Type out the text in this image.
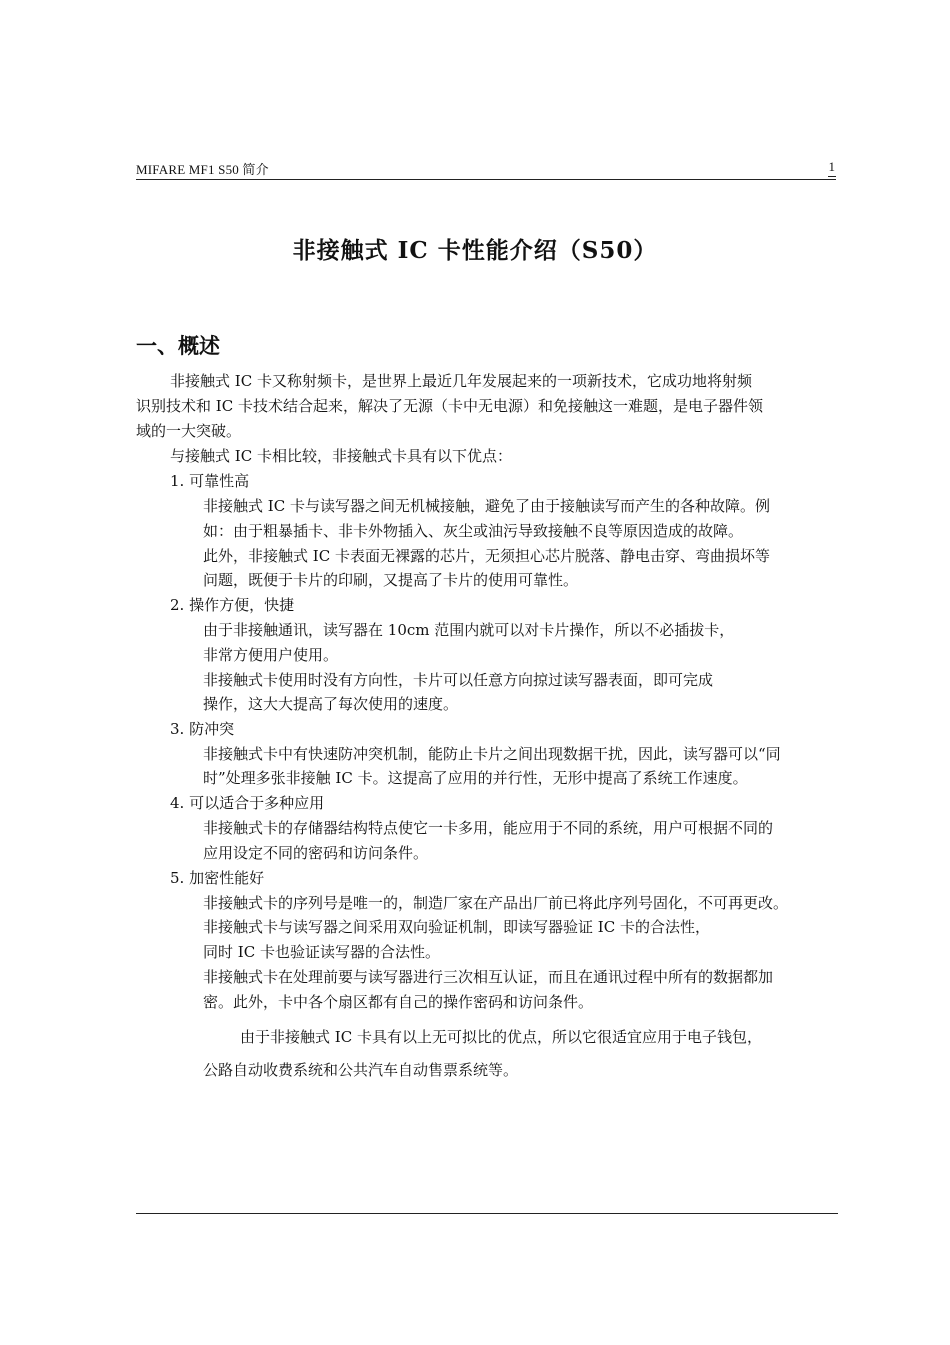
MIFARE MF1 S50 简介	1
非接触式 IC 卡性能介绍（S50）
一、概述
非接触式 IC 卡又称射频卡，是世界上最近几年发展起来的一项新技术，它成功地将射频
识别技术和 IC 卡技术结合起来，解决了无源（卡中无电源）和免接触这一难题，是电子器件领
域的一大突破。
与接触式 IC 卡相比较，非接触式卡具有以下优点：
1. 可靠性高
非接触式 IC 卡与读写器之间无机械接触，避免了由于接触读写而产生的各种故障。例
如：由于粗暴插卡、非卡外物插入、灰尘或油污导致接触不良等原因造成的故障。
此外，非接触式 IC 卡表面无裸露的芯片，无须担心芯片脱落、静电击穿、弯曲损坏等
问题，既便于卡片的印刷，又提高了卡片的使用可靠性。
2. 操作方便，快捷
由于非接触通讯，读写器在 10cm 范围内就可以对卡片操作，所以不必插拔卡，
非常方便用户使用。
非接触式卡使用时没有方向性，卡片可以任意方向掠过读写器表面，即可完成
操作，这大大提高了每次使用的速度。
3. 防冲突
非接触式卡中有快速防冲突机制，能防止卡片之间出现数据干扰，因此，读写器可以“同
时”处理多张非接触 IC 卡。这提高了应用的并行性，无形中提高了系统工作速度。
4. 可以适合于多种应用
非接触式卡的存储器结构特点使它一卡多用，能应用于不同的系统，用户可根据不同的
应用设定不同的密码和访问条件。
5. 加密性能好
非接触式卡的序列号是唯一的，制造厂家在产品出厂前已将此序列号固化，不可再更改。
非接触式卡与读写器之间采用双向验证机制，即读写器验证 IC 卡的合法性，
同时 IC 卡也验证读写器的合法性。
非接触式卡在处理前要与读写器进行三次相互认证，而且在通讯过程中所有的数据都加
密。此外，卡中各个扇区都有自己的操作密码和访问条件。
由于非接触式 IC 卡具有以上无可拟比的优点，所以它很适宜应用于电子钱包，
公路自动收费系统和公共汽车自动售票系统等。
